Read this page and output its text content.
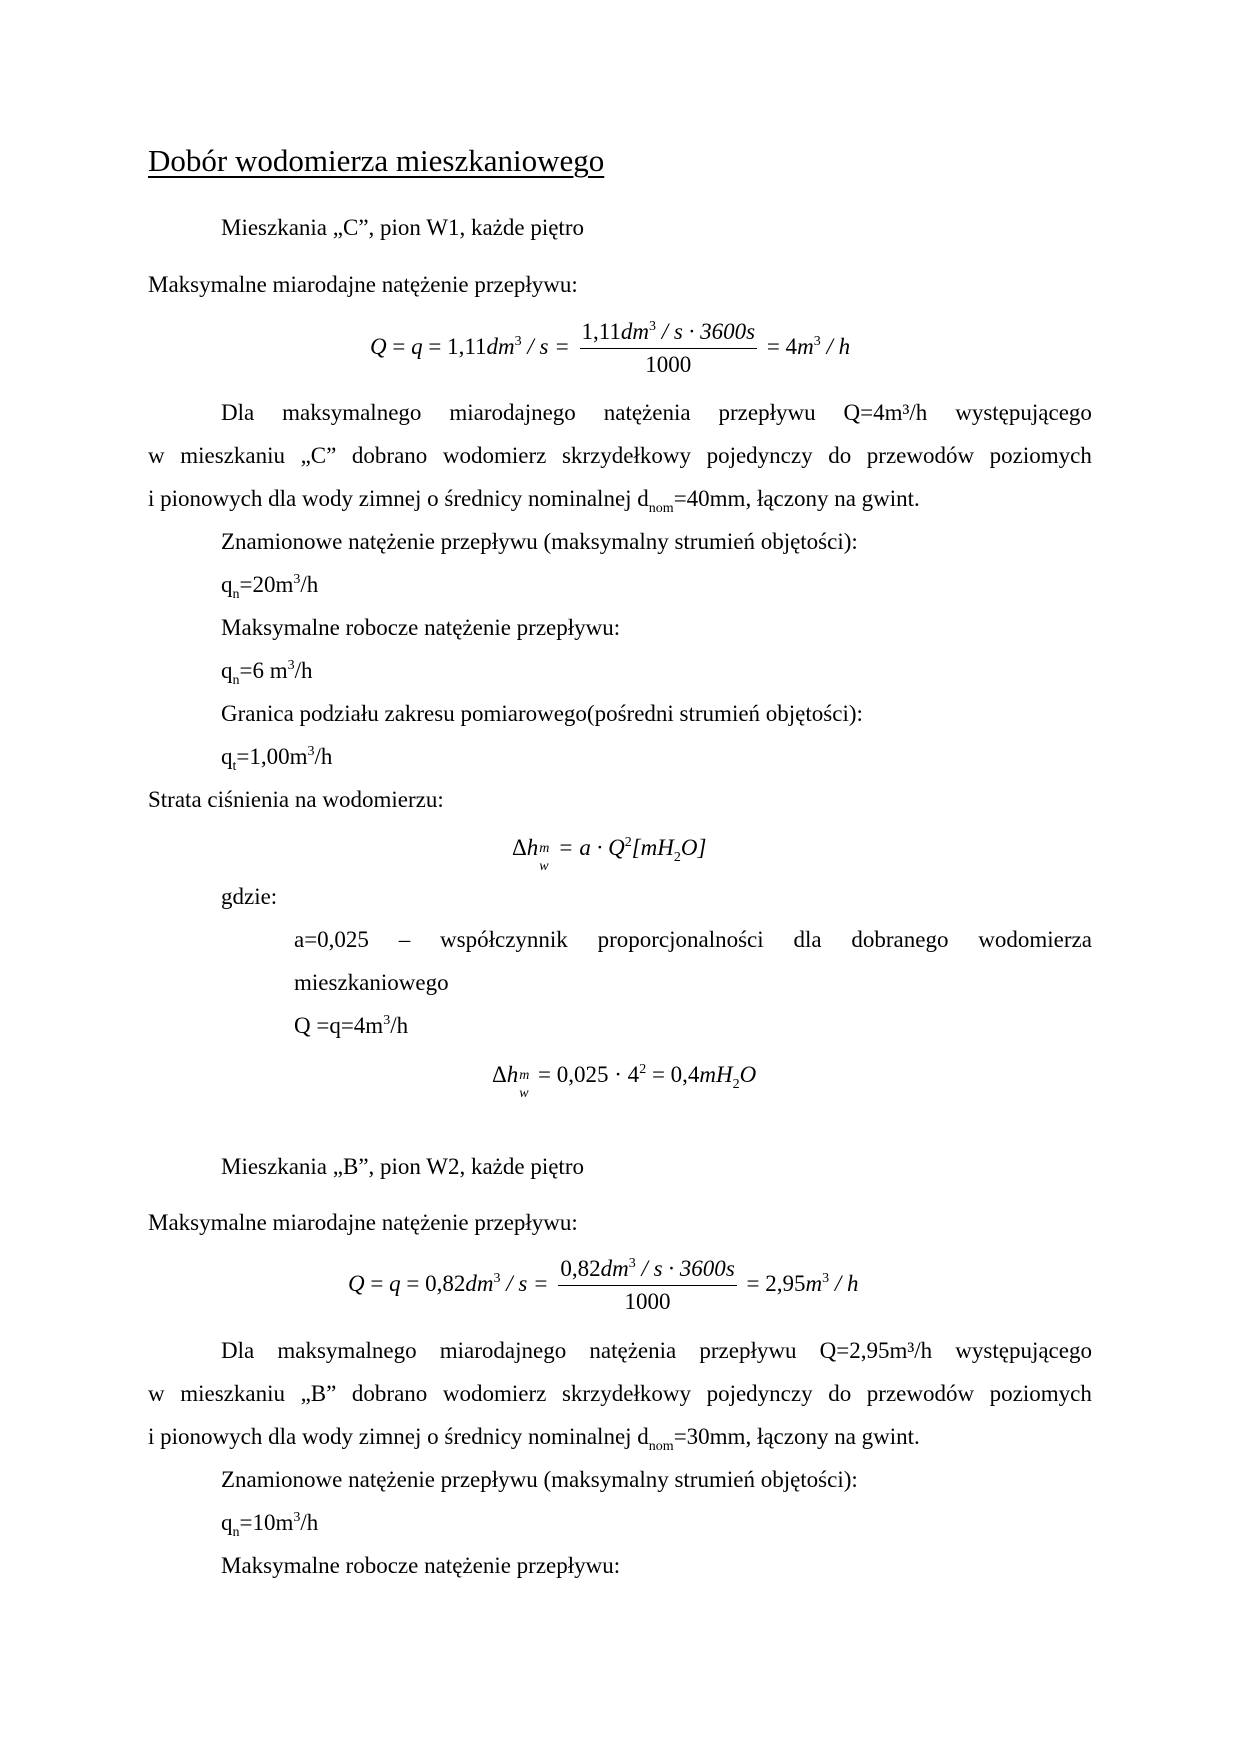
Dobór wodomierza mieszkaniowego
Mieszkania „C”, pion W1, każde piętro
Maksymalne miarodajne natężenie przepływu:
$Q = q = 1,11dm^3 / s = \frac{1,11dm^3 / s \cdot 3600s}{1000} = 4m^3 / h$
Dla maksymalnego miarodajnego natężenia przepływu Q=4m³/h występującego
w mieszkaniu „C” dobrano wodomierz skrzydełkowy pojedynczy do przewodów poziomych
i pionowych dla wody zimnej o średnicy nominalnej $d_{nom}=40mm$, łączony na gwint.
Znamionowe natężenie przepływu (maksymalny strumień objętości):
$q_n=20m^3/h$
Maksymalne robocze natężenie przepływu:
$q_n=6$ $m^3/h$
Granica podziału zakresu pomiarowego(pośredni strumień objętości):
$q_t=1,00m^3/h$
Strata ciśnienia na wodomierzu:
Δh m
w
= $a \cdot Q^2[mH_2O]$
gdzie:
a=0,025 – współczynnik proporcjonalności dla dobranego wodomierza
mieszkaniowego
$Q =q=4m^3/h$
Δh m
w
= $0,025 \cdot 4^2 = 0,4mH_2O$
Mieszkania „B”, pion W2, każde piętro
Maksymalne miarodajne natężenie przepływu:
$Q = q = 0,82dm^3 / s = \frac{0,82dm^3 / s \cdot 3600s}{1000} = 2,95m^3 / h$
Dla maksymalnego miarodajnego natężenia przepływu Q=2,95m³/h występującego
w mieszkaniu „B” dobrano wodomierz skrzydełkowy pojedynczy do przewodów poziomych
i pionowych dla wody zimnej o średnicy nominalnej $d_{nom}=30mm$, łączony na gwint.
Znamionowe natężenie przepływu (maksymalny strumień objętości):
$q_n=10m^3/h$
Maksymalne robocze natężenie przepływu:
